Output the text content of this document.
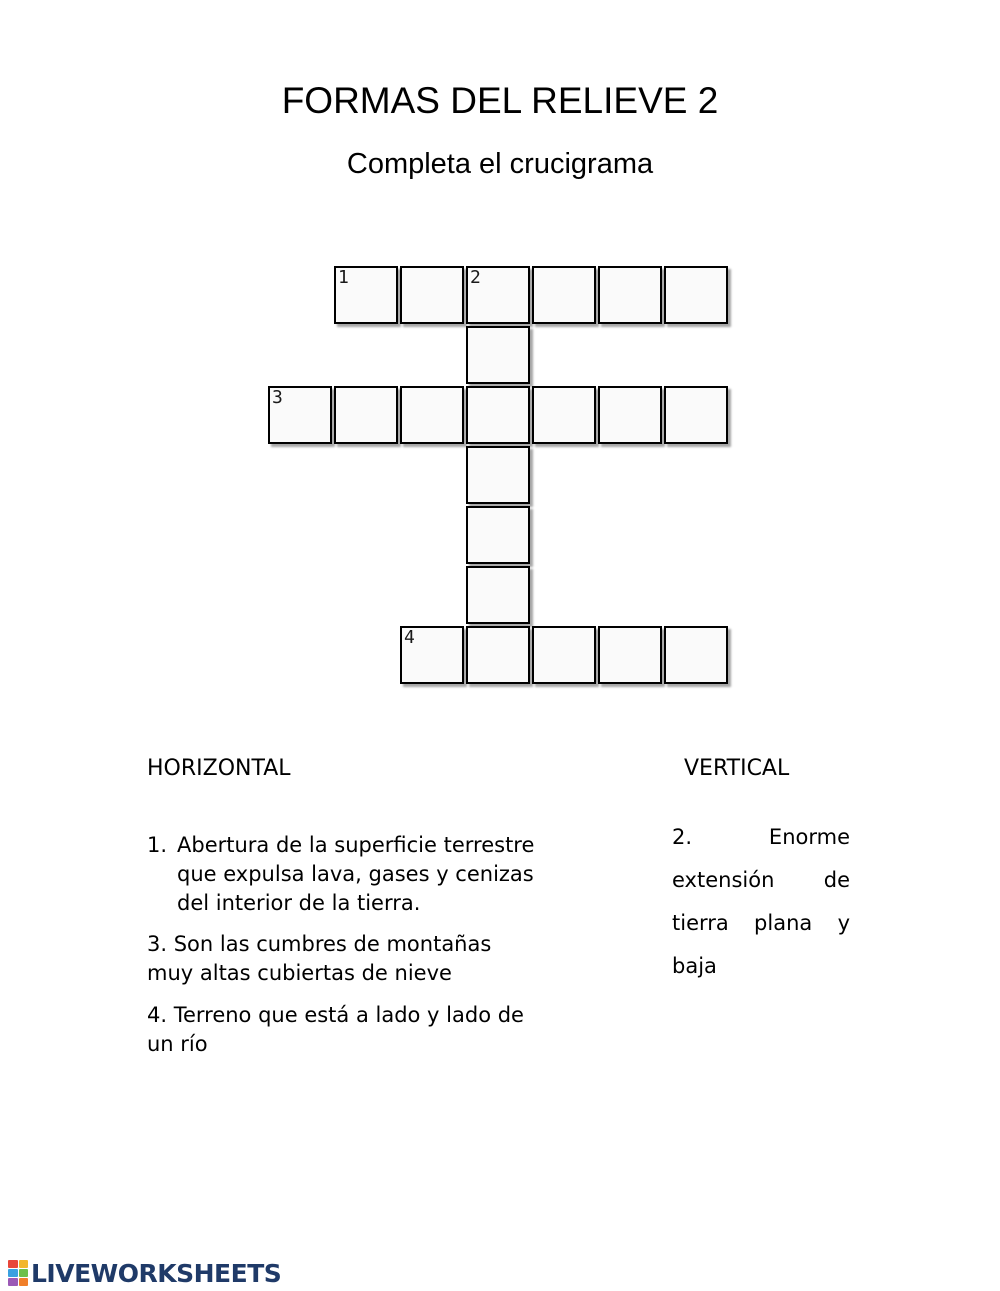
FORMAS DEL RELIEVE 2
Completa el crucigrama
1	2
3
4
HORIZONTAL	VERTICAL
1. Abertura de la superficie terrestre que expulsa lava, gases y cenizas del interior de la tierra.
3. Son las cumbres de montañas muy altas cubiertas de nieve
4. Terreno que está a lado y lado de un río
2. Enorme extensión de tierra plana y baja
LIVEWORKSHEETS
